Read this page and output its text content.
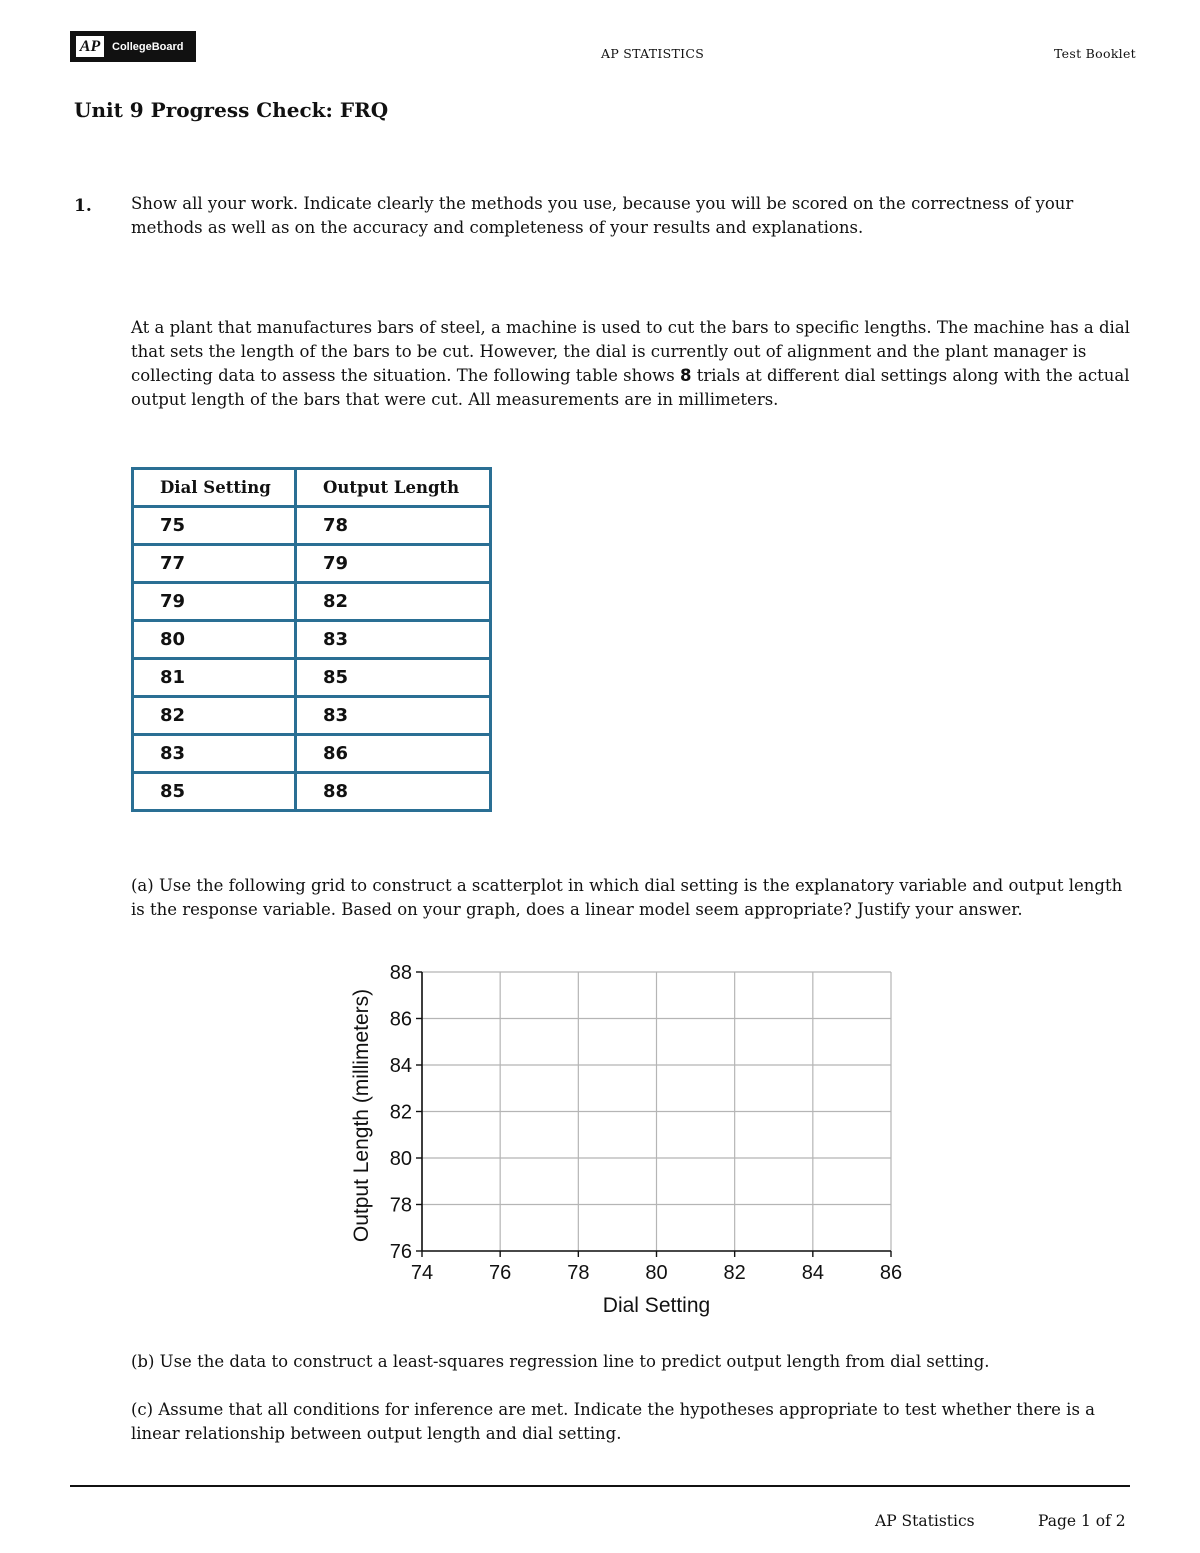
AP	CollegeBoard	AP STATISTICS	Test Booklet
Unit 9 Progress Check: FRQ
1. Show all your work. Indicate clearly the methods you use, because you will be scored on the correctness of your methods as well as on the accuracy and completeness of your results and explanations.
At a plant that manufactures bars of steel, a machine is used to cut the bars to specific lengths. The machine has a dial that sets the length of the bars to be cut. However, the dial is currently out of alignment and the plant manager is collecting data to assess the situation. The following table shows 8 trials at different dial settings along with the actual output length of the bars that were cut. All measurements are in millimeters.
Dial Setting	Output Length
75	78
77	79
79	82
80	83
81	85
82	83
83	86
85	88
(a) Use the following grid to construct a scatterplot in which dial setting is the explanatory variable and output length is the response variable. Based on your graph, does a linear model seem appropriate? Justify your answer.
74	76	78	80	82	84	86
76
78
80
82
84
86
88
Dial Setting
Output Length (millimeters)
(b) Use the data to construct a least-squares regression line to predict output length from dial setting.
(c) Assume that all conditions for inference are met. Indicate the hypotheses appropriate to test whether there is a linear relationship between output length and dial setting.
AP Statistics	Page 1 of 2
